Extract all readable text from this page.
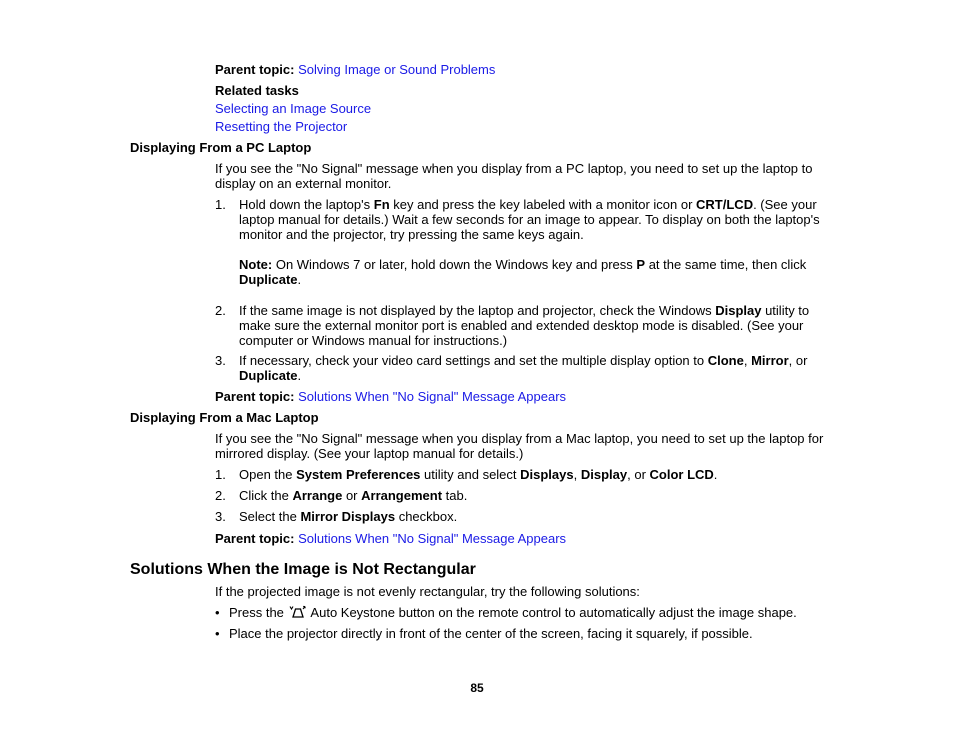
Parent topic: Solving Image or Sound Problems
Related tasks
Selecting an Image Source
Resetting the Projector
Displaying From a PC Laptop
If you see the "No Signal" message when you display from a PC laptop, you need to set up the laptop to display on an external monitor.
1. Hold down the laptop's Fn key and press the key labeled with a monitor icon or CRT/LCD. (See your laptop manual for details.) Wait a few seconds for an image to appear. To display on both the laptop's monitor and the projector, try pressing the same keys again.
Note: On Windows 7 or later, hold down the Windows key and press P at the same time, then click Duplicate.
2. If the same image is not displayed by the laptop and projector, check the Windows Display utility to make sure the external monitor port is enabled and extended desktop mode is disabled. (See your computer or Windows manual for instructions.)
3. If necessary, check your video card settings and set the multiple display option to Clone, Mirror, or Duplicate.
Parent topic: Solutions When "No Signal" Message Appears
Displaying From a Mac Laptop
If you see the "No Signal" message when you display from a Mac laptop, you need to set up the laptop for mirrored display. (See your laptop manual for details.)
1. Open the System Preferences utility and select Displays, Display, or Color LCD.
2. Click the Arrange or Arrangement tab.
3. Select the Mirror Displays checkbox.
Parent topic: Solutions When "No Signal" Message Appears
Solutions When the Image is Not Rectangular
If the projected image is not evenly rectangular, try the following solutions:
• Press the  Auto Keystone button on the remote control to automatically adjust the image shape.
• Place the projector directly in front of the center of the screen, facing it squarely, if possible.
85
